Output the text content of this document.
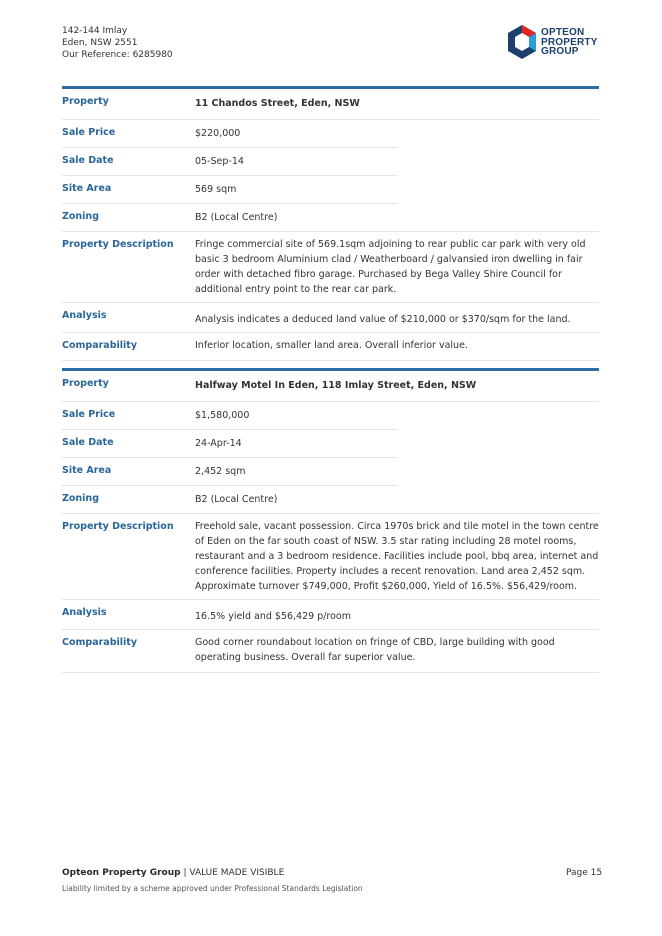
142-144 Imlay
Eden, NSW 2551
Our Reference: 6285980
OPTEON
PROPERTY
GROUP
Property	11 Chandos Street, Eden, NSW
Sale Price	$220,000
Sale Date	05-Sep-14
Site Area	569 sqm
Zoning	B2 (Local Centre)
Property Description	Fringe commercial site of 569.1sqm adjoining to rear public car park with very old basic 3 bedroom Aluminium clad / Weatherboard / galvansied iron dwelling in fair order with detached fibro garage. Purchased by Bega Valley Shire Council for additional entry point to the rear car park.
Analysis	Analysis indicates a deduced land value of $210,000 or $370/sqm for the land.
Comparability	Inferior location, smaller land area. Overall inferior value.
Property	Halfway Motel In Eden, 118 Imlay Street, Eden, NSW
Sale Price	$1,580,000
Sale Date	24-Apr-14
Site Area	2,452 sqm
Zoning	B2 (Local Centre)
Property Description	Freehold sale, vacant possession. Circa 1970s brick and tile motel in the town centre of Eden on the far south coast of NSW. 3.5 star rating including 28 motel rooms, restaurant and a 3 bedroom residence. Facilities include pool, bbq area, internet and conference facilities. Property includes a recent renovation. Land area 2,452 sqm. Approximate turnover $749,000, Profit $260,000, Yield of 16.5%. $56,429/room.
Analysis	16.5% yield and $56,429 p/room
Comparability	Good corner roundabout location on fringe of CBD, large building with good operating business. Overall far superior value.
Opteon Property Group | VALUE MADE VISIBLE
Liability limited by a scheme approved under Professional Standards Legislation
Page 15
